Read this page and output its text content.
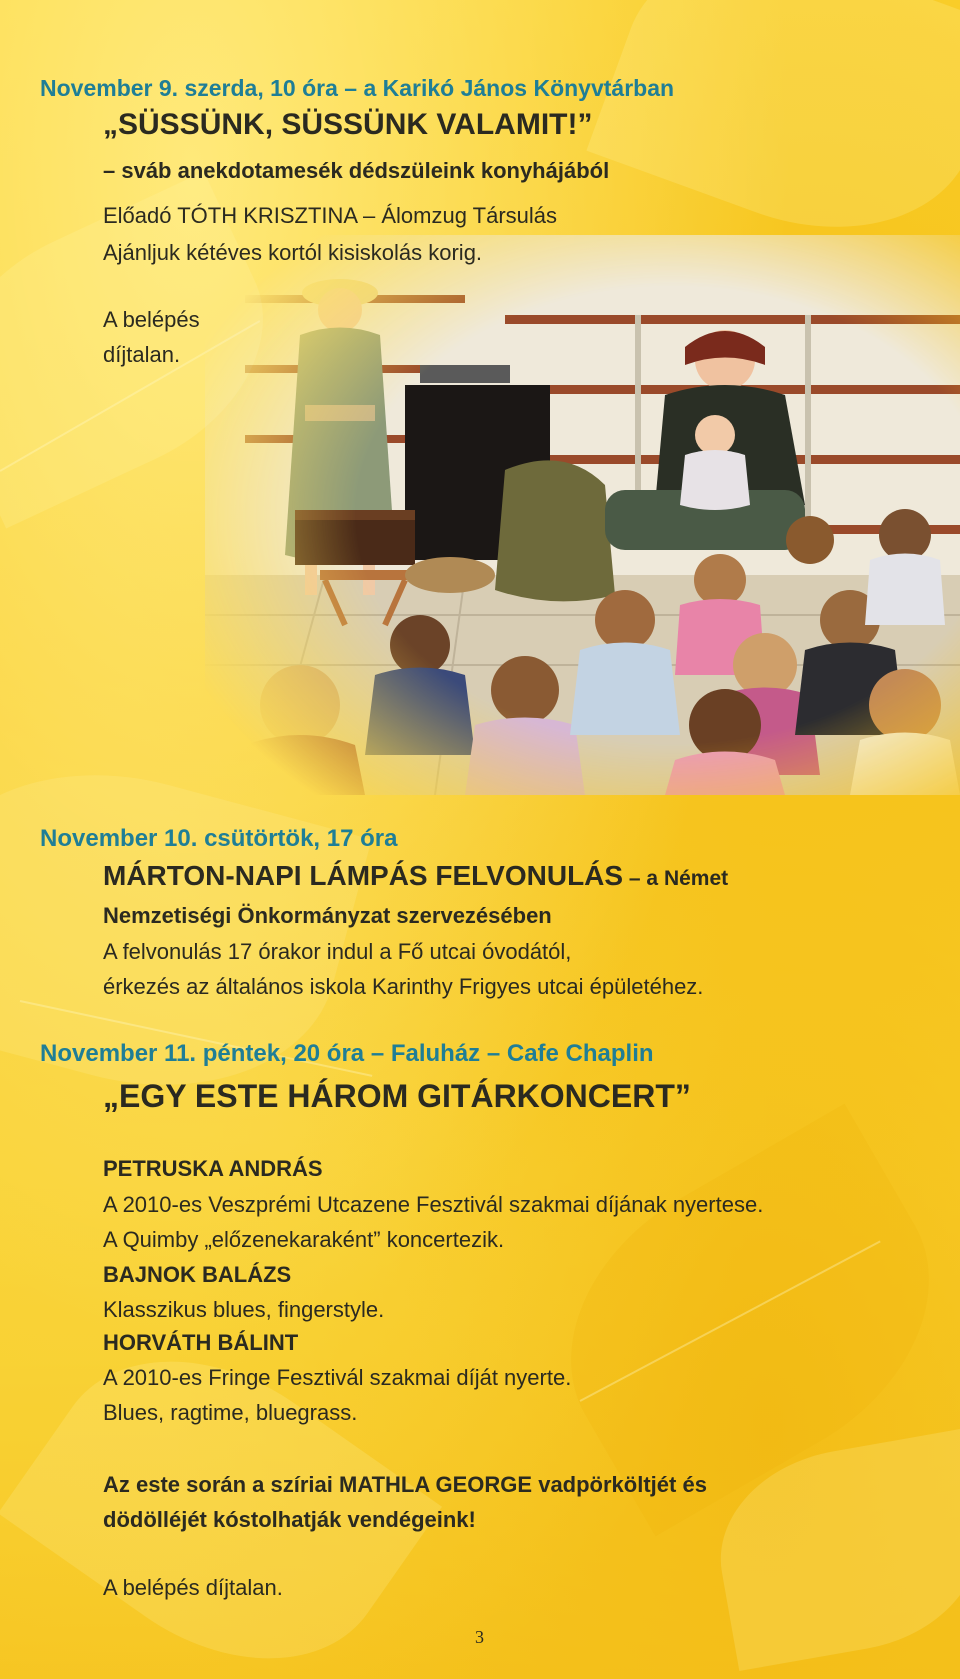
November 9. szerda, 10 óra – a Karikó János Könyvtárban
„SÜSSÜNK, SÜSSÜNK VALAMIT!”
– sváb anekdotamesék dédszüleink konyhájából
Előadó TÓTH KRISZTINA – Álomzug Társulás
Ajánljuk kétéves kortól kisiskolás korig.
A belépés
díjtalan.
November 10. csütörtök, 17 óra
MÁRTON-NAPI LÁMPÁS FELVONULÁS – a Német
Nemzetiségi Önkormányzat szervezésében
A felvonulás 17 órakor indul a Fő utcai óvodától,
érkezés az általános iskola Karinthy Frigyes utcai épületéhez.
November 11. péntek, 20 óra – Faluház – Cafe Chaplin
„EGY ESTE HÁROM GITÁRKONCERT”
PETRUSKA ANDRÁS
A 2010-es Veszprémi Utcazene Fesztivál szakmai díjának nyertese.
A Quimby „előzenekaraként” koncertezik.
BAJNOK BALÁZS
Klasszikus blues, fingerstyle.
HORVÁTH BÁLINT
A 2010-es Fringe Fesztivál szakmai díját nyerte.
Blues, ragtime, bluegrass.
Az este során a szíriai MATHLA GEORGE vadpörköltjét és
dödölléjét kóstolhatják vendégeink!
A belépés díjtalan.
3
